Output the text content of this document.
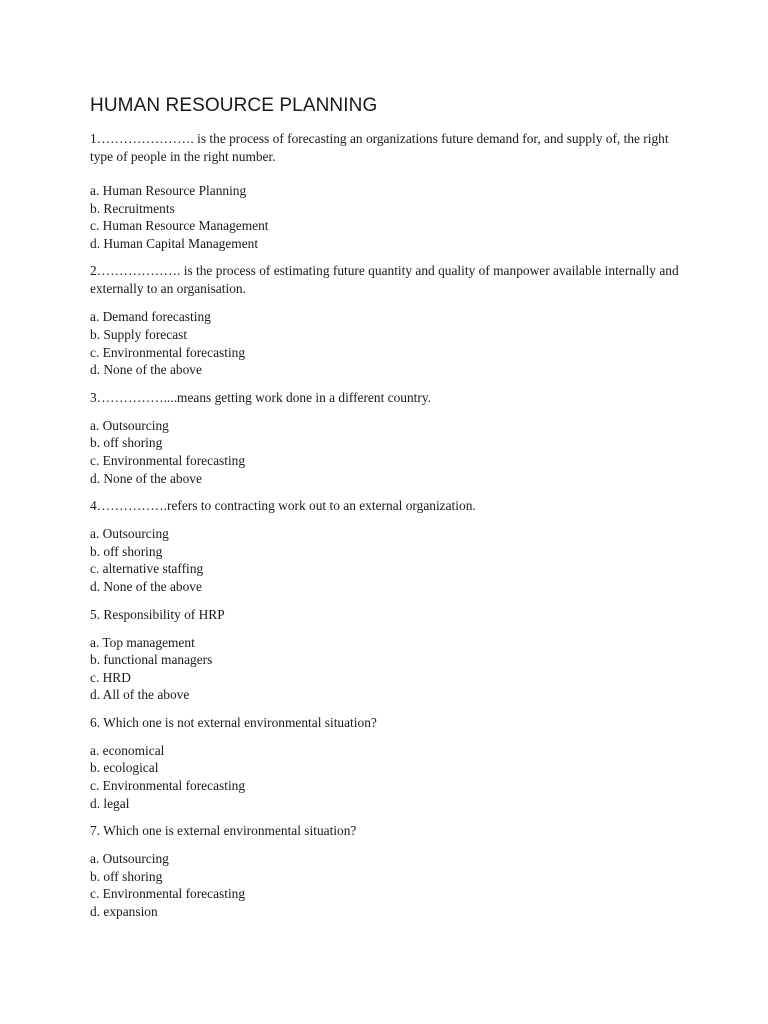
HUMAN RESOURCE PLANNING

1…………………. is the process of forecasting an organizations future demand for, and supply of, the right type of people in the right number.

a. Human Resource Planning
b. Recruitments
c. Human Resource Management
d. Human Capital Management

2………………. is the process of estimating future quantity and quality of manpower available internally and externally to an organisation.

a. Demand forecasting
b. Supply forecast
c. Environmental forecasting
d. None of the above

3……………....means getting work done in a different country.

a. Outsourcing
b. off shoring
c. Environmental forecasting
d. None of the above

4…………….refers to contracting work out to an external organization.

a. Outsourcing
b. off shoring
c. alternative staffing
d. None of the above

5. Responsibility of HRP

a. Top management
b. functional managers
c. HRD
d. All of the above

6. Which one is not external environmental situation?

a. economical
b. ecological
c. Environmental forecasting
d. legal

7. Which one is external environmental situation?

a. Outsourcing
b. off shoring
c. Environmental forecasting
d. expansion
